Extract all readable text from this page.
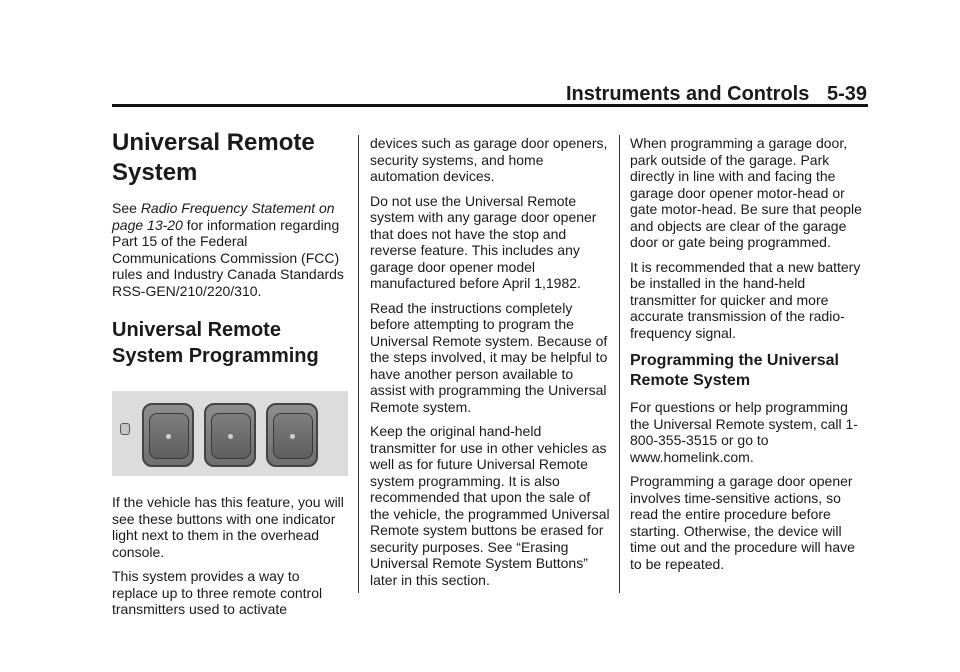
Instruments and Controls 5-39
Universal Remote System

See Radio Frequency Statement on page 13-20 for information regarding Part 15 of the Federal Communications Commission (FCC) rules and Industry Canada Standards RSS-GEN/210/220/310.

Universal Remote System Programming

If the vehicle has this feature, you will see these buttons with one indicator light next to them in the overhead console.

This system provides a way to replace up to three remote control transmitters used to activate

devices such as garage door openers, security systems, and home automation devices.

Do not use the Universal Remote system with any garage door opener that does not have the stop and reverse feature. This includes any garage door opener model manufactured before April 1,1982.

Read the instructions completely before attempting to program the Universal Remote system. Because of the steps involved, it may be helpful to have another person available to assist with programming the Universal Remote system.

Keep the original hand-held transmitter for use in other vehicles as well as for future Universal Remote system programming. It is also recommended that upon the sale of the vehicle, the programmed Universal Remote system buttons be erased for security purposes. See “Erasing Universal Remote System Buttons” later in this section.

When programming a garage door, park outside of the garage. Park directly in line with and facing the garage door opener motor-head or gate motor-head. Be sure that people and objects are clear of the garage door or gate being programmed.

It is recommended that a new battery be installed in the hand-held transmitter for quicker and more accurate transmission of the radio-frequency signal.

Programming the Universal Remote System

For questions or help programming the Universal Remote system, call 1-800-355-3515 or go to www.homelink.com.

Programming a garage door opener involves time-sensitive actions, so read the entire procedure before starting. Otherwise, the device will time out and the procedure will have to be repeated.
